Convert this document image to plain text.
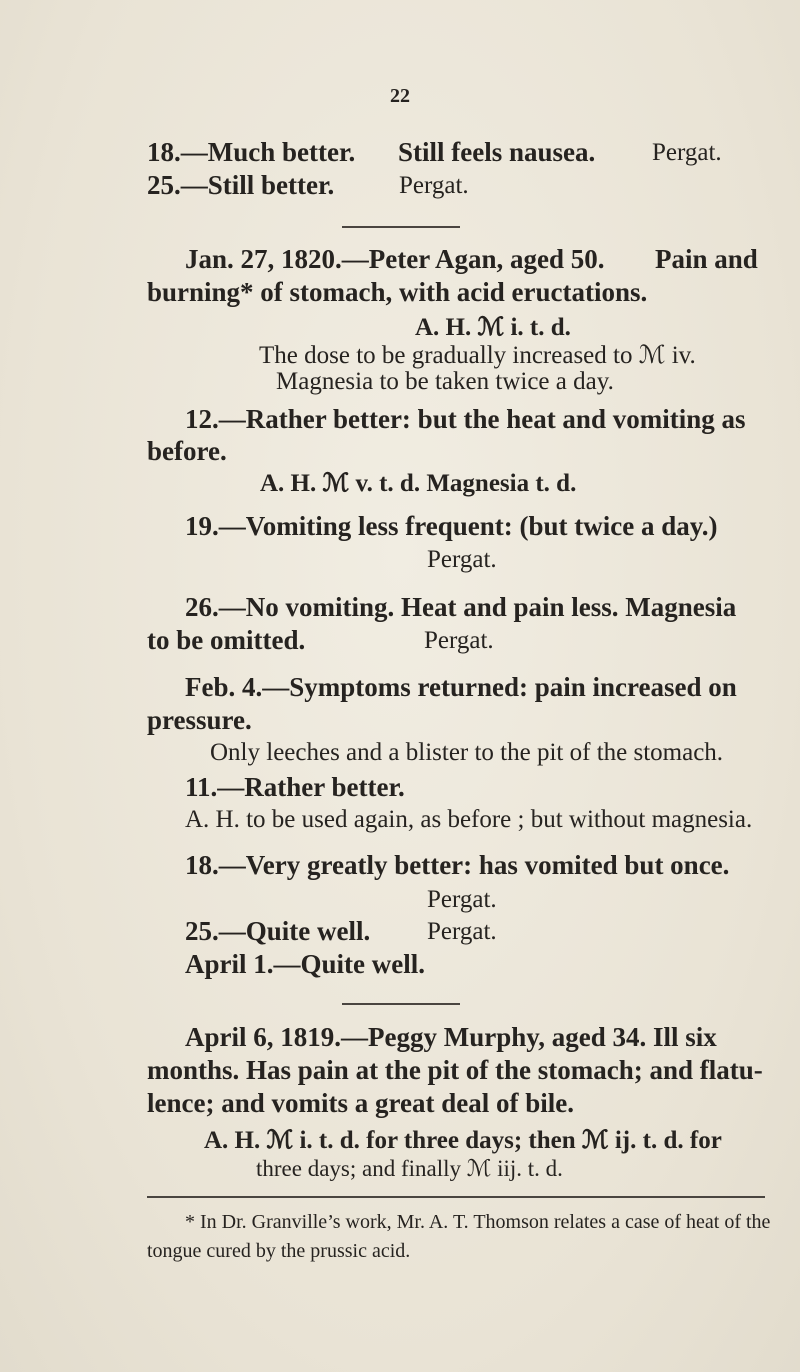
22
18.—Much better. Still feels nausea. Pergat.
25.—Still better.	Pergat.
Jan. 27, 1820.—Peter Agan, aged 50. Pain and
burning* of stomach, with acid eructations.
A. H. ℳ i. t. d.
The dose to be gradually increased to ℳ iv.
Magnesia to be taken twice a day.
12.—Rather better: but the heat and vomiting as
before.
A. H. ℳ v. t. d. Magnesia t. d.
19.—Vomiting less frequent: (but twice a day.)
Pergat.
26.—No vomiting. Heat and pain less. Magnesia
to be omitted.	Pergat.
Feb. 4.—Symptoms returned: pain increased on
pressure.
Only leeches and a blister to the pit of the stomach.
11.—Rather better.
A. H. to be used again, as before ; but without magnesia.
18.—Very greatly better: has vomited but once.
Pergat.
25.—Quite well. Pergat.
April 1.—Quite well.
April 6, 1819.—Peggy Murphy, aged 34. Ill six
months. Has pain at the pit of the stomach; and flatu-
lence; and vomits a great deal of bile.
A. H. ℳ i. t. d. for three days; then ℳ ij. t. d. for
three days; and finally ℳ iij. t. d.
* In Dr. Granville’s work, Mr. A. T. Thomson relates a case of heat of the
tongue cured by the prussic acid.
